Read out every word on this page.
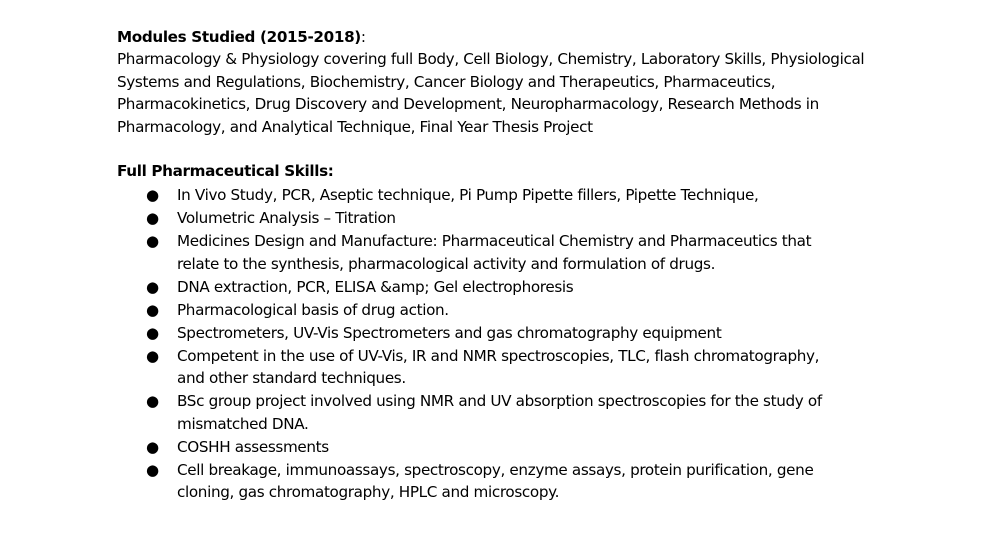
Modules Studied (2015-2018):

Pharmacology & Physiology covering full Body, Cell Biology, Chemistry, Laboratory Skills, Physiological Systems and Regulations, Biochemistry, Cancer Biology and Therapeutics, Pharmaceutics, Pharmacokinetics, Drug Discovery and Development, Neuropharmacology, Research Methods in Pharmacology, and Analytical Technique, Final Year Thesis Project

Full Pharmaceutical Skills:

● In Vivo Study, PCR, Aseptic technique, Pi Pump Pipette fillers, Pipette Technique,
● Volumetric Analysis – Titration
● Medicines Design and Manufacture: Pharmaceutical Chemistry and Pharmaceutics that relate to the synthesis, pharmacological activity and formulation of drugs.
● DNA extraction, PCR, ELISA &amp; Gel electrophoresis
● Pharmacological basis of drug action.
● Spectrometers, UV-Vis Spectrometers and gas chromatography equipment
● Competent in the use of UV-Vis, IR and NMR spectroscopies, TLC, flash chromatography, and other standard techniques.
● BSc group project involved using NMR and UV absorption spectroscopies for the study of mismatched DNA.
● COSHH assessments
● Cell breakage, immunoassays, spectroscopy, enzyme assays, protein purification, gene cloning, gas chromatography, HPLC and microscopy.
